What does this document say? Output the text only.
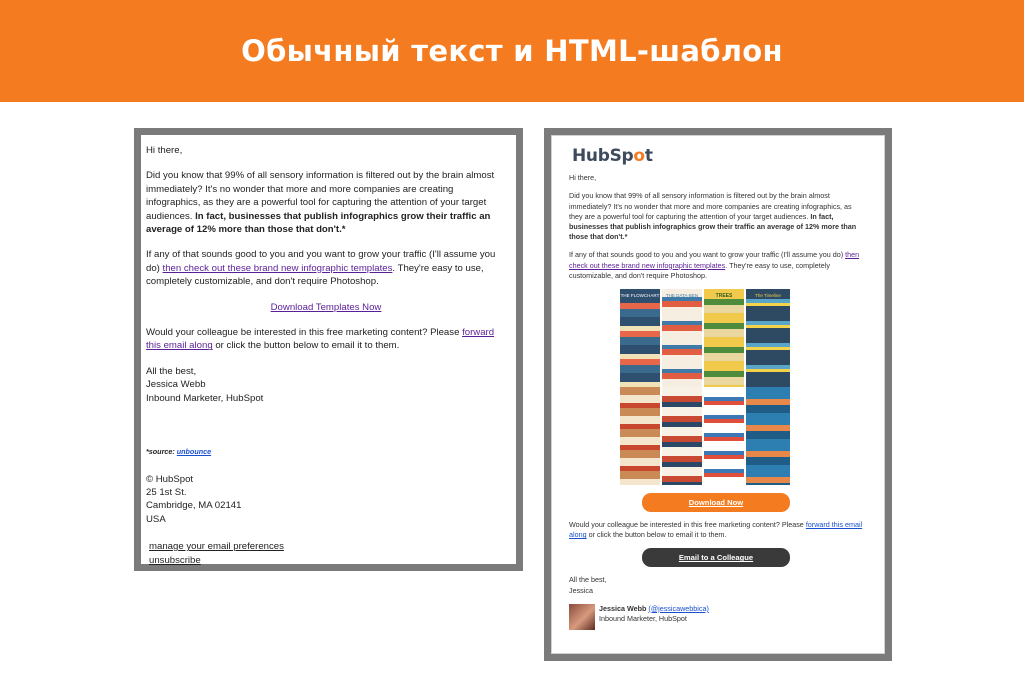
Обычный текст и HTML-шаблон

Hi there,

Did you know that 99% of all sensory information is filtered out by the brain almost immediately? It's no wonder that more and more companies are creating infographics, as they are a powerful tool for capturing the attention of your target audiences. In fact, businesses that publish infographics grow their traffic an average of 12% more than those that don't.*

If any of that sounds good to you and you want to grow your traffic (I'll assume you do) then check out these brand new infographic templates. They're easy to use, completely customizable, and don't require Photoshop.

Download Templates Now

Would your colleague be interested in this free marketing content? Please forward this email along or click the button below to email it to them.

All the best,
Jessica Webb
Inbound Marketer, HubSpot
*source: unbounce
© HubSpot
25 1st St.
Cambridge, MA 02141
USA
manage your email preferences
unsubscribe
HubSpot

Hi there,

Did you know that 99% of all sensory information is filtered out by the brain almost immediately? It's no wonder that more and more companies are creating infographics, as they are a powerful tool for capturing the attention of your target audiences. In fact, businesses that publish infographics grow their traffic an average of 12% more than those that don't.*

If any of that sounds good to you and you want to grow your traffic (I'll assume you do) then check out these brand new infographic templates. They're easy to use, completely customizable, and don't require Photoshop.

THE FLOWCHART	THE DATA-BEN	TREES	The Timeline
Download Now

Would your colleague be interested in this free marketing content? Please forward this email along or click the button below to email it to them.

Email to a Colleague
All the best,
Jessica
Jessica Webb (@jessicawebbica)
Inbound Marketer, HubSpot
